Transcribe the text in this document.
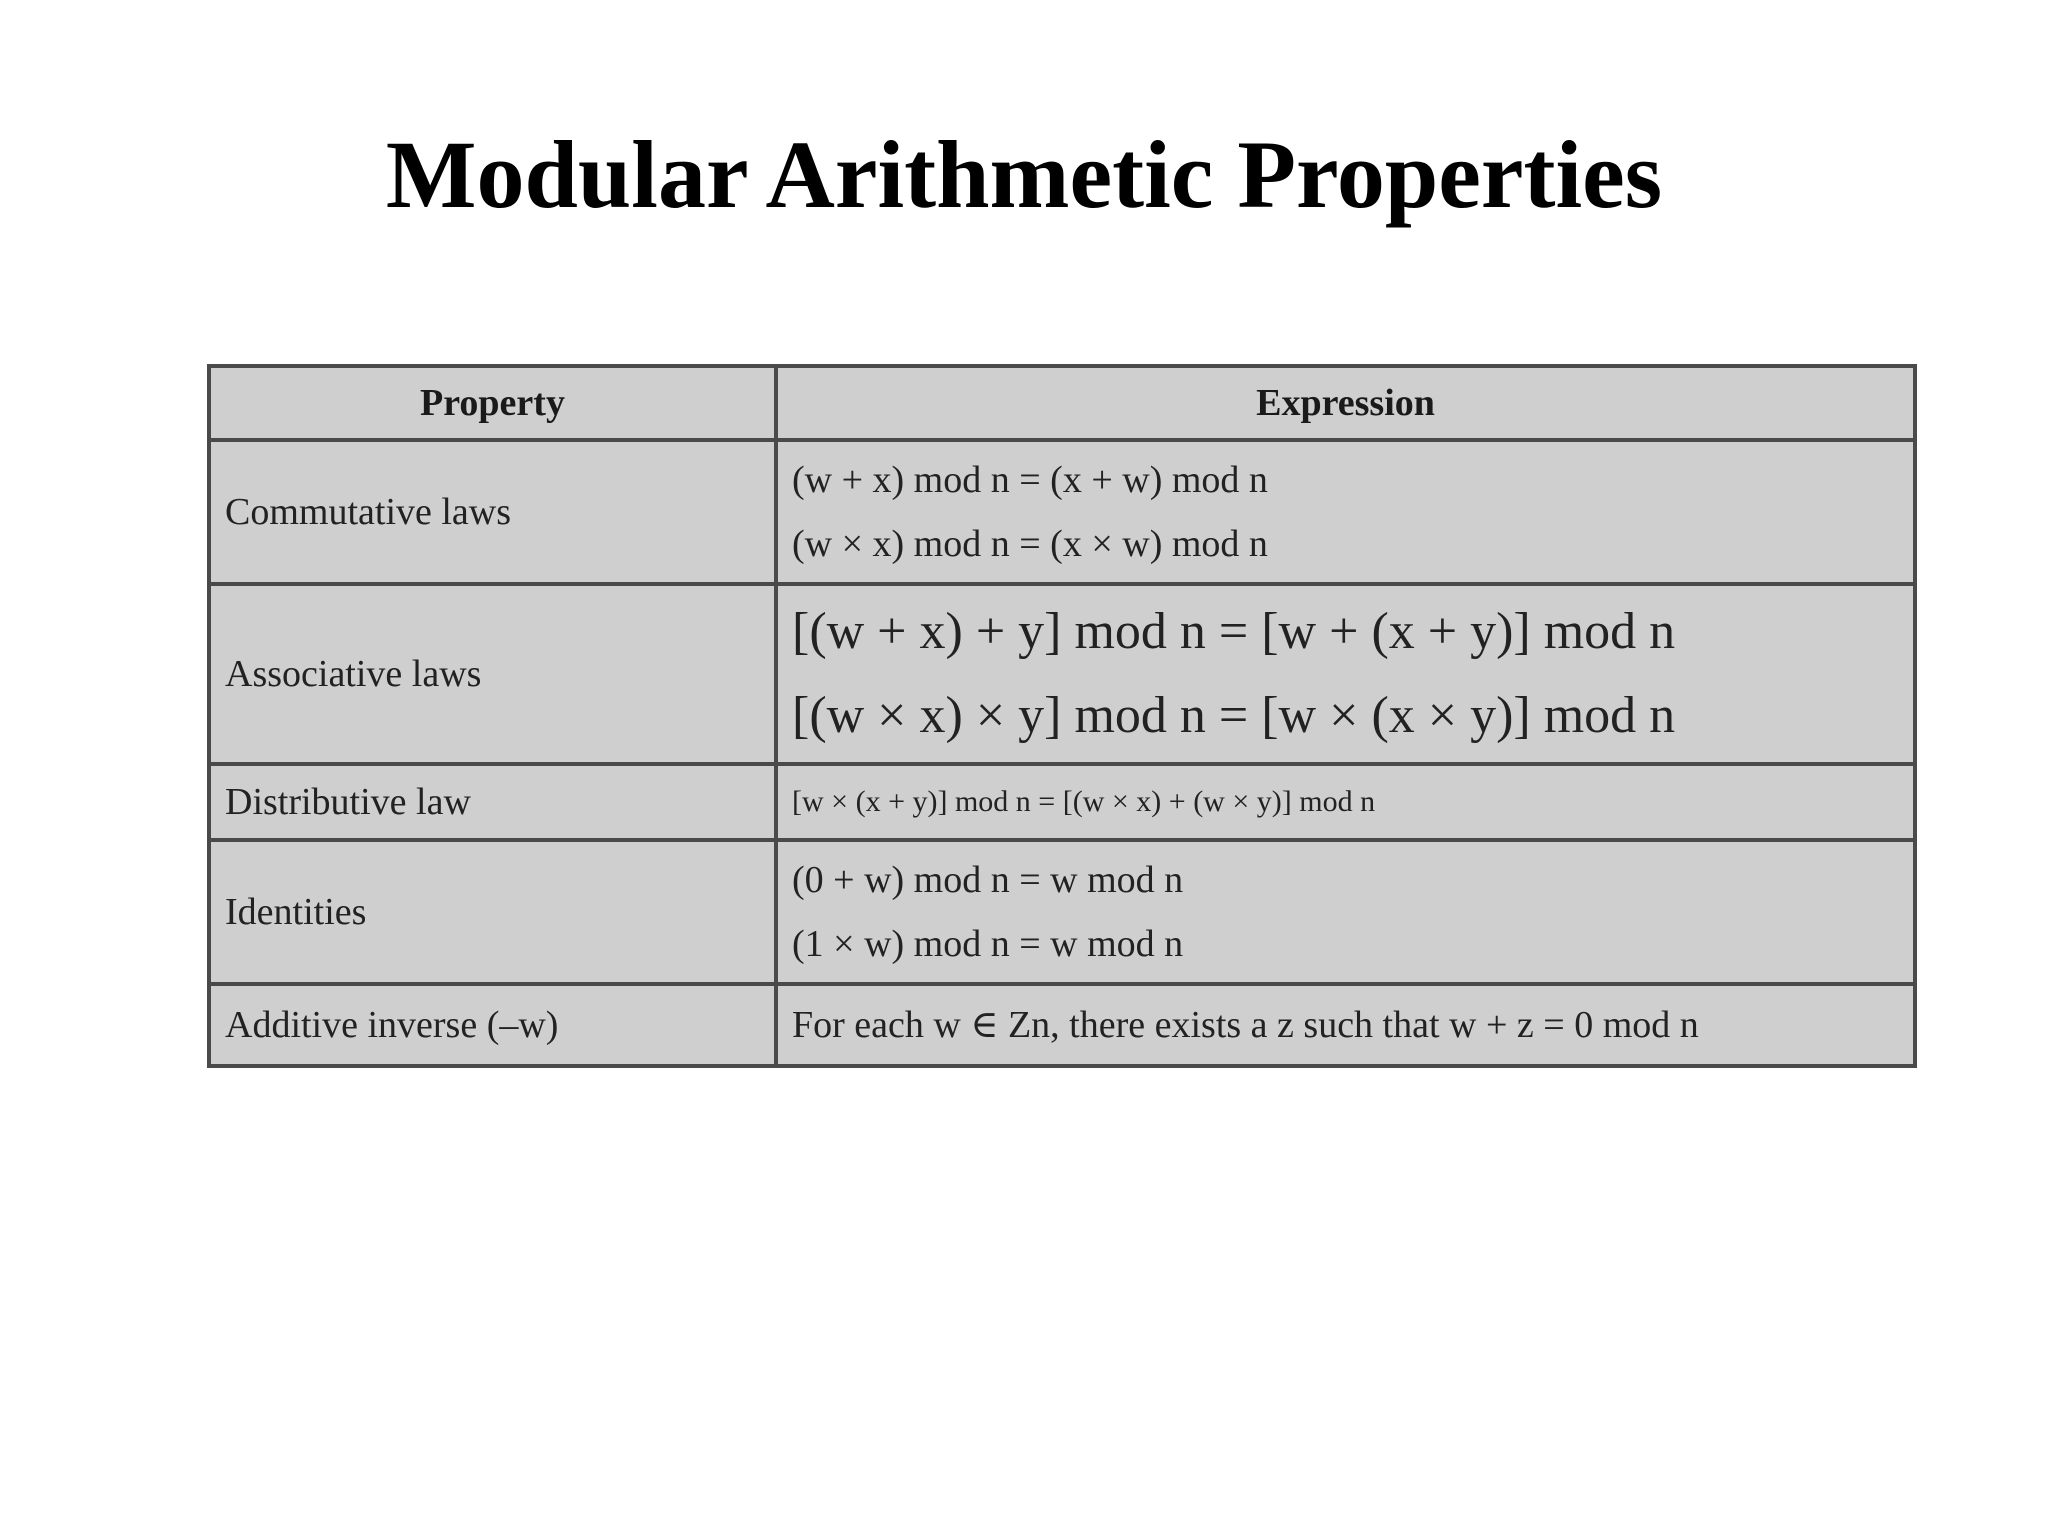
Modular Arithmetic Properties
Property	Expression
Commutative laws	(w + x) mod n = (x + w) mod n
(w × x) mod n = (x × w) mod n

Associative laws	[(w + x) + y] mod n = [w + (x + y)] mod n
[(w × x) × y] mod n = [w × (x × y)] mod n

Distributive law	[w × (x + y)] mod n = [(w × x) + (w × y)] mod n

Identities	(0 + w) mod n = w mod n
(1 × w) mod n = w mod n

Additive inverse (–w)	For each w ∈ Zn, there exists a z such that w + z = 0 mod n
